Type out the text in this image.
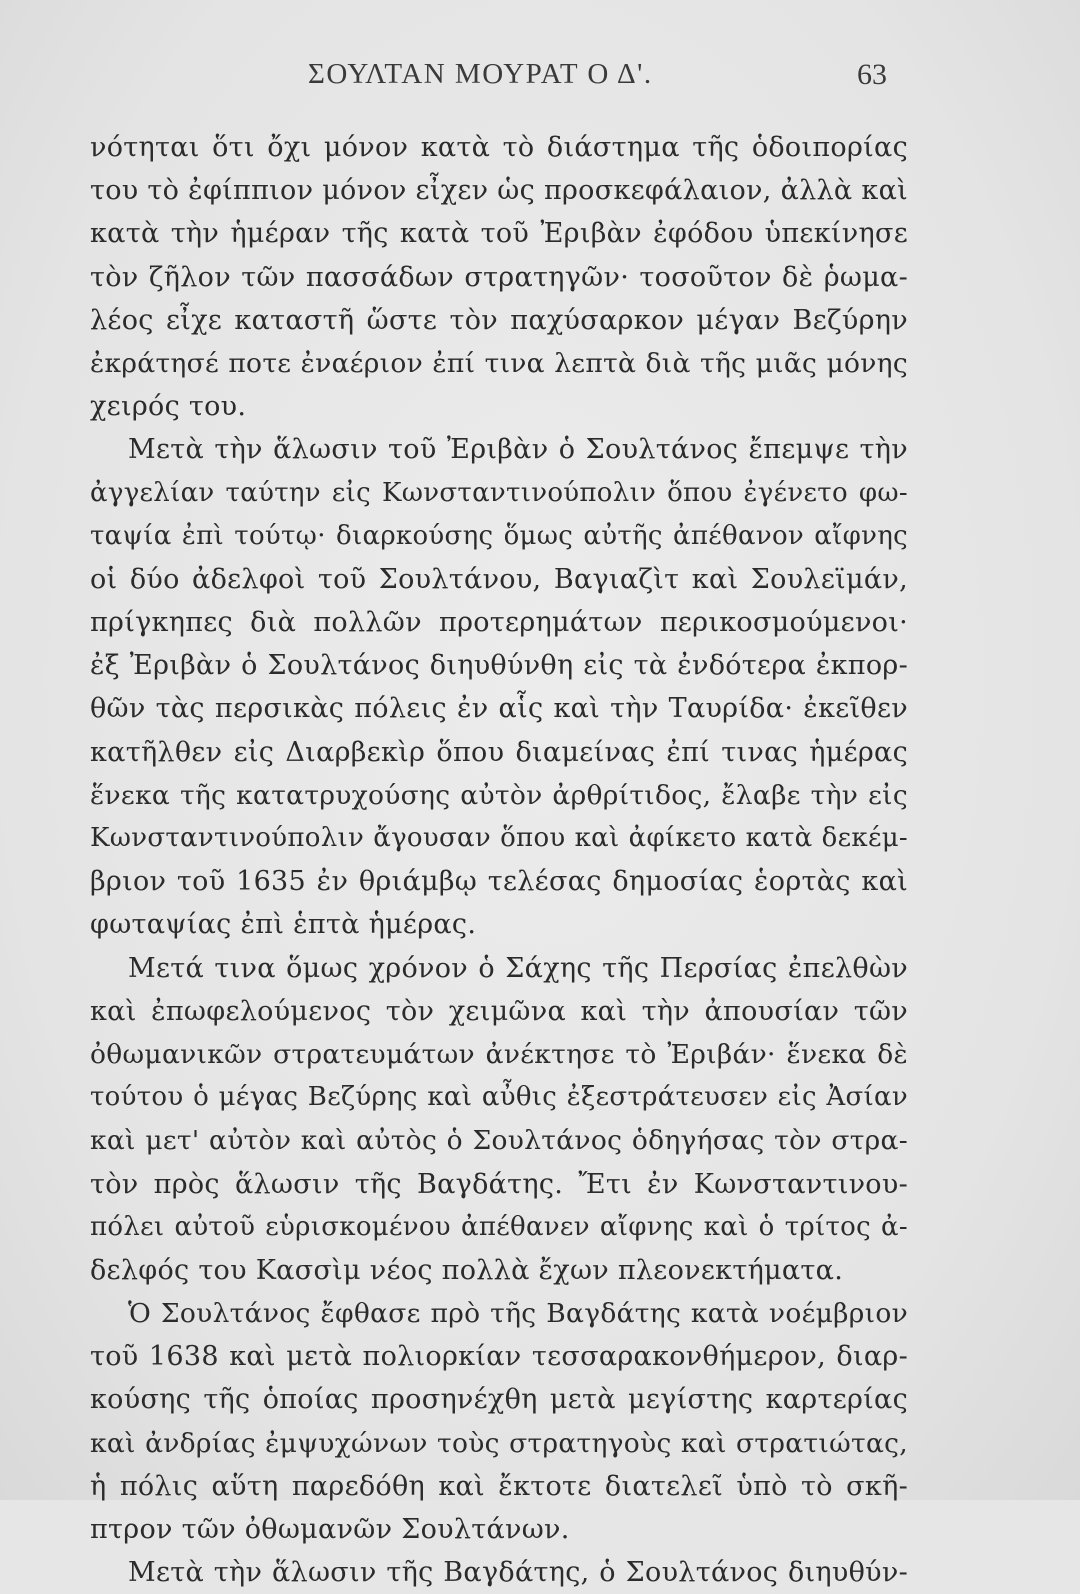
ΣΟΥΛΤΑΝ ΜΟΥΡΑΤ Ο Δ'.	63
νότηται ὅτι ὄχι μόνον κατὰ τὸ διάστημα τῆς ὁδοιπορίας
του τὸ ἐφίππιον μόνον εἶχεν ὡς προσκεφάλαιον, ἀλλὰ καὶ
κατὰ τὴν ἡμέραν τῆς κατὰ τοῦ Ἐριβὰν ἐφόδου ὑπεκίνησε
τὸν ζῆλον τῶν πασσάδων στρατηγῶν· τοσοῦτον δὲ ῥωμα-
λέος εἶχε καταστῆ ὥστε τὸν παχύσαρκον μέγαν Βεζύρην
ἐκράτησέ ποτε ἐναέριον ἐπί τινα λεπτὰ διὰ τῆς μιᾶς μόνης
χειρός του.
Μετὰ τὴν ἅλωσιν τοῦ Ἐριβὰν ὁ Σουλτάνος ἔπεμψε τὴν
ἀγγελίαν ταύτην εἰς Κωνσταντινούπολιν ὅπου ἐγένετο φω-
ταψία ἐπὶ τούτῳ· διαρκούσης ὅμως αὐτῆς ἀπέθανον αἴφνης
οἱ δύο ἀδελφοὶ τοῦ Σουλτάνου, Βαγιαζὶτ καὶ Σουλεϊμάν,
πρίγκηπες διὰ πολλῶν προτερημάτων περικοσμούμενοι·
ἐξ Ἐριβὰν ὁ Σουλτάνος διηυθύνθη εἰς τὰ ἐνδότερα ἐκπορ-
θῶν τὰς περσικὰς πόλεις ἐν αἷς καὶ τὴν Ταυρίδα· ἐκεῖθεν
κατῆλθεν εἰς Διαρβεκὶρ ὅπου διαμείνας ἐπί τινας ἡμέρας
ἕνεκα τῆς κατατρυχούσης αὐτὸν ἀρθρίτιδος, ἔλαβε τὴν εἰς
Κωνσταντινούπολιν ἄγουσαν ὅπου καὶ ἀφίκετο κατὰ δεκέμ-
βριον τοῦ 1635 ἐν θριάμβῳ τελέσας δημοσίας ἑορτὰς καὶ
φωταψίας ἐπὶ ἑπτὰ ἡμέρας.
Μετά τινα ὅμως χρόνον ὁ Σάχης τῆς Περσίας ἐπελθὼν
καὶ ἐπωφελούμενος τὸν χειμῶνα καὶ τὴν ἀπουσίαν τῶν
ὀθωμανικῶν στρατευμάτων ἀνέκτησε τὸ Ἐριβάν· ἕνεκα δὲ
τούτου ὁ μέγας Βεζύρης καὶ αὖθις ἐξεστράτευσεν εἰς Ἀσίαν
καὶ μετ' αὐτὸν καὶ αὐτὸς ὁ Σουλτάνος ὁδηγήσας τὸν στρα-
τὸν πρὸς ἅλωσιν τῆς Βαγδάτης. Ἔτι ἐν Κωνσταντινου-
πόλει αὐτοῦ εὑρισκομένου ἀπέθανεν αἴφνης καὶ ὁ τρίτος ἀ-
δελφός του Κασσὶμ νέος πολλὰ ἔχων πλεονεκτήματα.
Ὁ Σουλτάνος ἔφθασε πρὸ τῆς Βαγδάτης κατὰ νοέμβριον
τοῦ 1638 καὶ μετὰ πολιορκίαν τεσσαρακονθήμερον, διαρ-
κούσης τῆς ὁποίας προσηνέχθη μετὰ μεγίστης καρτερίας
καὶ ἀνδρίας ἐμψυχώνων τοὺς στρατηγοὺς καὶ στρατιώτας,
ἡ πόλις αὕτη παρεδόθη καὶ ἔκτοτε διατελεῖ ὑπὸ τὸ σκῆ-
πτρον τῶν ὀθωμανῶν Σουλτάνων.
Μετὰ τὴν ἅλωσιν τῆς Βαγδάτης, ὁ Σουλτάνος διηυθύν-
